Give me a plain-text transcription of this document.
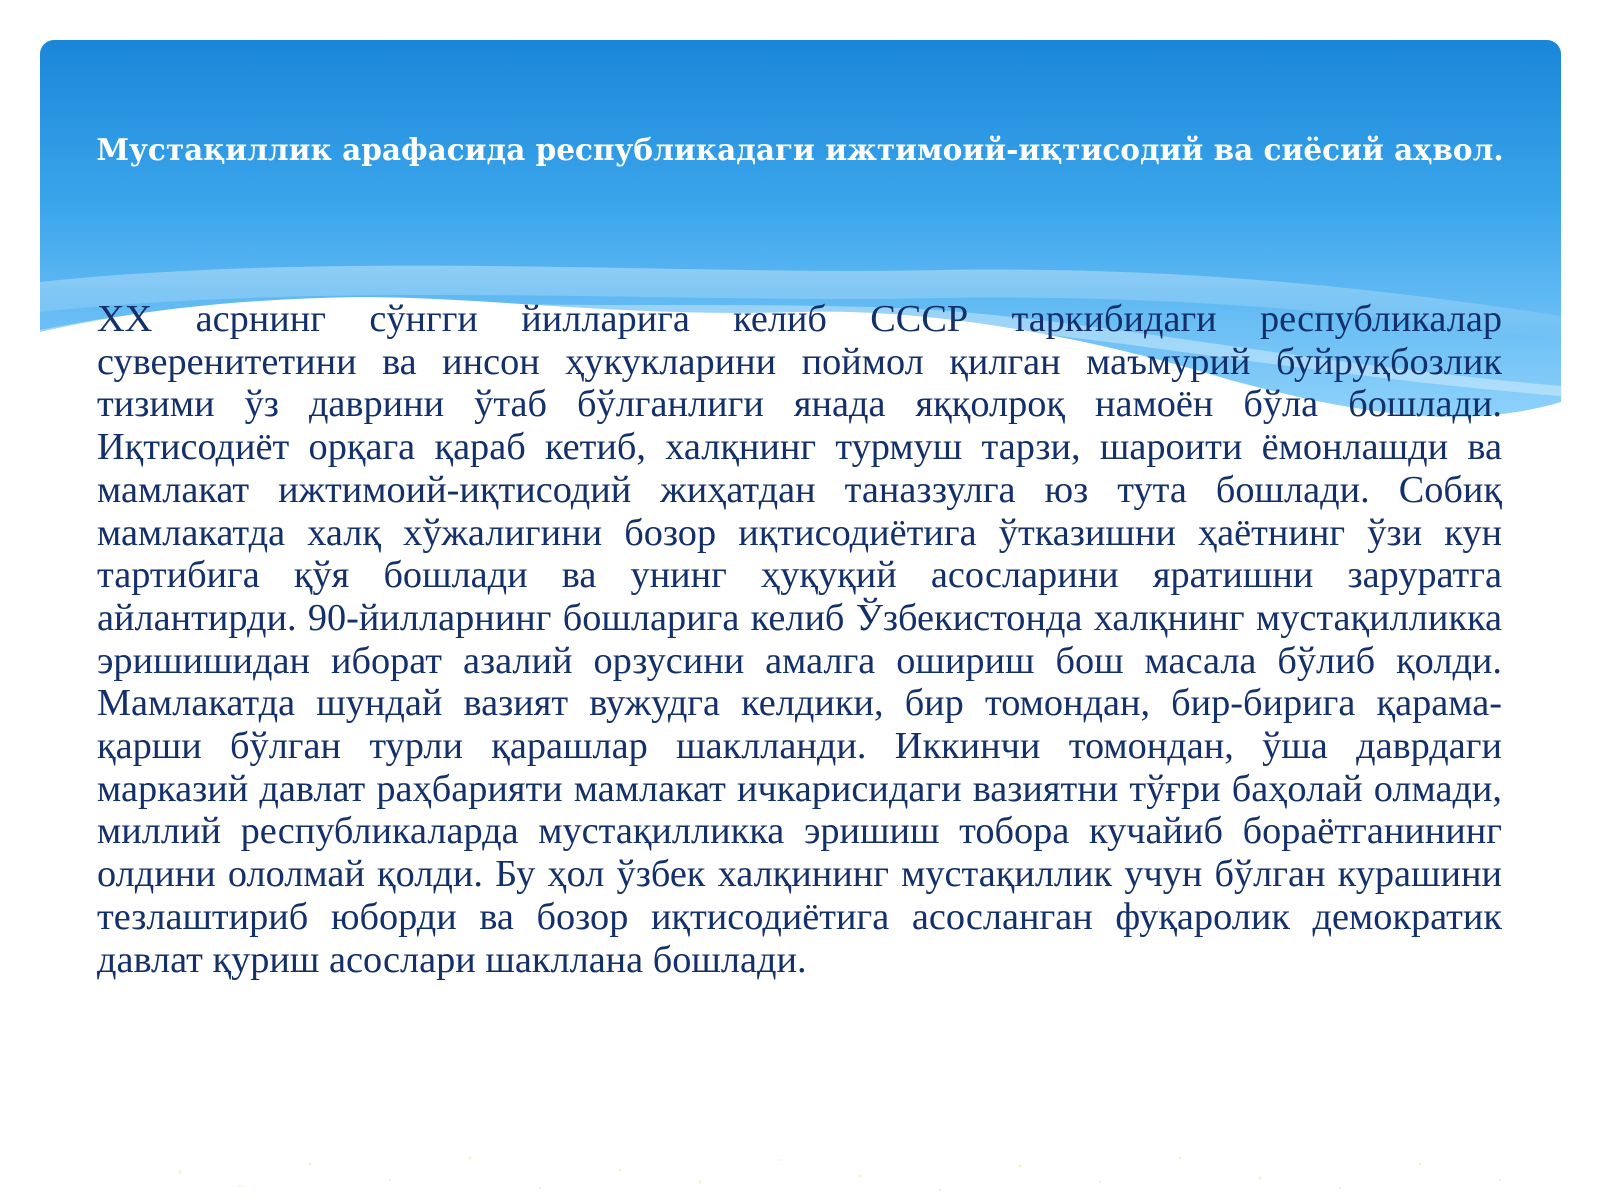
Мустақиллик арафасида республикадаги ижтимоий-иқтисодий ва сиёсий аҳвол.

XX асрнинг сўнгги йилларига келиб СССР таркибидаги республикалар суверенитетини ва инсон ҳукукларини поймол қилган маъмурий буйруқбозлик тизими ўз даврини ўтаб бўлганлиги янада яққолроқ намоён бўла бошлади. Иқтисодиёт орқага қараб кетиб, халқнинг турмуш тарзи, шароити ёмонлашди ва мамлакат ижтимоий-иқтисодий жиҳатдан таназзулга юз тута бошлади. Собиқ мамлакатда халқ хўжалигини бозор иқтисодиётига ўтказишни ҳаётнинг ўзи кун тартибига қўя бошлади ва унинг ҳуқуқий асосларини яратишни заруратга айлантирди. 90-йилларнинг бошларига келиб Ўзбекистонда халқнинг мустақилликка эришишидан иборат азалий орзусини амалга ошириш бош масала бўлиб қолди. Мамлакатда шундай вазият вужудга келдики, бир томондан, бир-бирига қарама-қарши бўлган турли қарашлар шаклланди. Иккинчи томондан, ўша даврдаги марказий давлат раҳбарияти мамлакат ичкарисидаги вазиятни тўғри баҳолай олмади, миллий республикаларда мустақилликка эришиш тобора кучайиб бораётганининг олдини ололмай қолди. Бу ҳол ўзбек халқининг мустақиллик учун бўлган курашини тезлаштириб юборди ва бозор иқтисодиётига асосланган фуқаролик демократик давлат қуриш асослари шакллана бошлади.
